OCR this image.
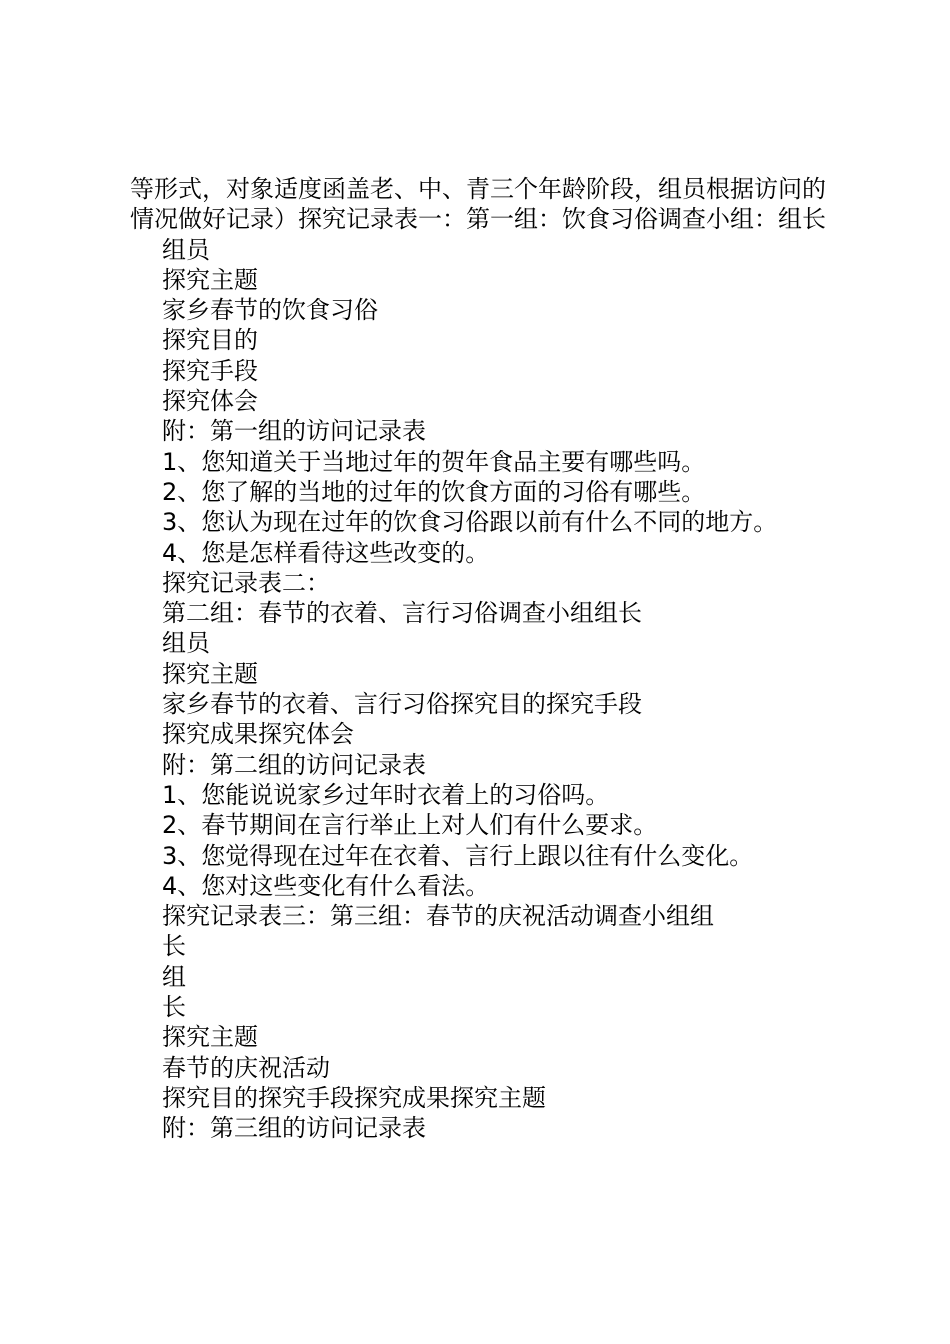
等形式，对象适度函盖老、中、青三个年龄阶段，组员根据访问的情况做好记录）探究记录表一：第一组：饮食习俗调查小组：组长

组员

探究主题

家乡春节的饮食习俗

探究目的

探究手段

探究体会

附：第一组的访问记录表

1、您知道关于当地过年的贺年食品主要有哪些吗。

2、您了解的当地的过年的饮食方面的习俗有哪些。

3、您认为现在过年的饮食习俗跟以前有什么不同的地方。

4、您是怎样看待这些改变的。

探究记录表二：

第二组：春节的衣着、言行习俗调查小组组长

组员

探究主题

家乡春节的衣着、言行习俗探究目的探究手段

探究成果探究体会

附：第二组的访问记录表

1、您能说说家乡过年时衣着上的习俗吗。

2、春节期间在言行举止上对人们有什么要求。

3、您觉得现在过年在衣着、言行上跟以往有什么变化。

4、您对这些变化有什么看法。

探究记录表三：第三组：春节的庆祝活动调查小组组

长

组

长

探究主题

春节的庆祝活动

探究目的探究手段探究成果探究主题

附：第三组的访问记录表
